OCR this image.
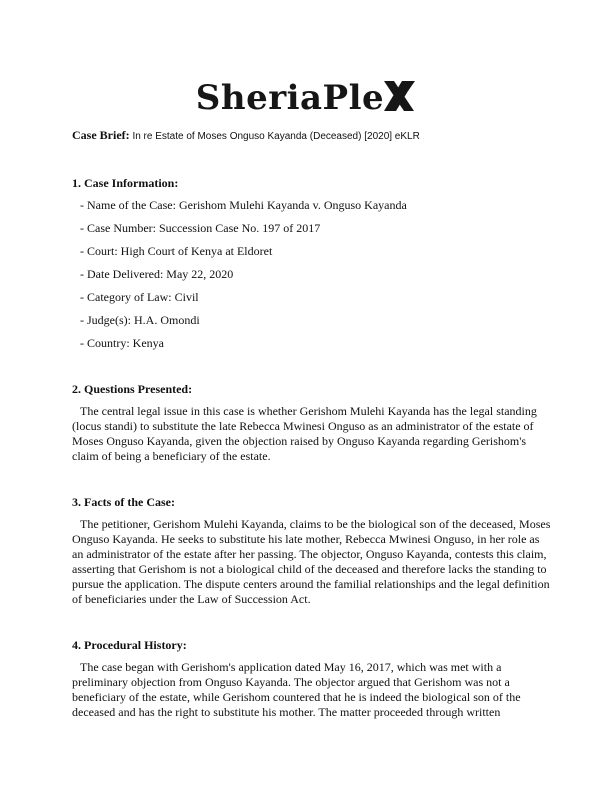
SheriaPle
Case Brief: In re Estate of Moses Onguso Kayanda (Deceased) [2020] eKLR
1. Case Information:
- Name of the Case: Gerishom Mulehi Kayanda v. Onguso Kayanda
- Case Number: Succession Case No. 197 of 2017
- Court: High Court of Kenya at Eldoret
- Date Delivered: May 22, 2020
- Category of Law: Civil
- Judge(s): H.A. Omondi
- Country: Kenya
2. Questions Presented:

The central legal issue in this case is whether Gerishom Mulehi Kayanda has the legal standing (locus standi) to substitute the late Rebecca Mwinesi Onguso as an administrator of the estate of Moses Onguso Kayanda, given the objection raised by Onguso Kayanda regarding Gerishom's claim of being a beneficiary of the estate.

3. Facts of the Case:

The petitioner, Gerishom Mulehi Kayanda, claims to be the biological son of the deceased, Moses Onguso Kayanda. He seeks to substitute his late mother, Rebecca Mwinesi Onguso, in her role as an administrator of the estate after her passing. The objector, Onguso Kayanda, contests this claim, asserting that Gerishom is not a biological child of the deceased and therefore lacks the standing to pursue the application. The dispute centers around the familial relationships and the legal definition of beneficiaries under the Law of Succession Act.

4. Procedural History:

The case began with Gerishom's application dated May 16, 2017, which was met with a preliminary objection from Onguso Kayanda. The objector argued that Gerishom was not a beneficiary of the estate, while Gerishom countered that he is indeed the biological son of the deceased and has the right to substitute his mother. The matter proceeded through written
